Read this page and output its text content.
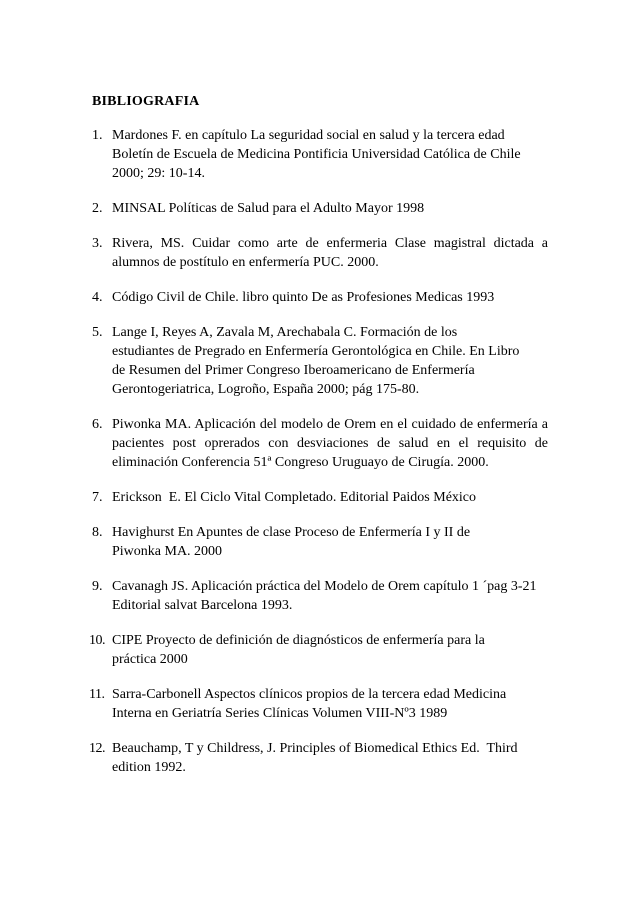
BIBLIOGRAFIA
1. Mardones F. en capítulo La seguridad social en salud y la tercera edad Boletín de Escuela de Medicina Pontificia Universidad Católica de Chile 2000; 29: 10-14.
2. MINSAL Políticas de Salud para el Adulto Mayor 1998
3. Rivera, MS. Cuidar como arte de enfermeria Clase magistral dictada a alumnos de postítulo en enfermería PUC. 2000.
4. Código Civil de Chile. libro quinto De as Profesiones Medicas 1993
5. Lange I, Reyes A, Zavala M, Arechabala C. Formación de los estudiantes de Pregrado en Enfermería Gerontológica en Chile. En Libro de Resumen del Primer Congreso Iberoamericano de Enfermería Gerontogeriatrica, Logroño, España 2000; pág 175-80.
6. Piwonka MA. Aplicación del modelo de Orem en el cuidado de enfermería a pacientes post oprerados con desviaciones de salud en el requisito de eliminación Conferencia 51ª Congreso Uruguayo de Cirugía. 2000.
7. Erickson  E. El Ciclo Vital Completado. Editorial Paidos México
8. Havighurst En Apuntes de clase Proceso de Enfermería I y II de Piwonka MA. 2000
9. Cavanagh JS. Aplicación práctica del Modelo de Orem capítulo 1 ´pag 3-21 Editorial salvat Barcelona 1993.
10. CIPE Proyecto de definición de diagnósticos de enfermería para la práctica 2000
11. Sarra-Carbonell Aspectos clínicos propios de la tercera edad Medicina Interna en Geriatría Series Clínicas Volumen VIII-Nº3 1989
12. Beauchamp, T y Childress, J. Principles of Biomedical Ethics Ed.  Third edition 1992.
